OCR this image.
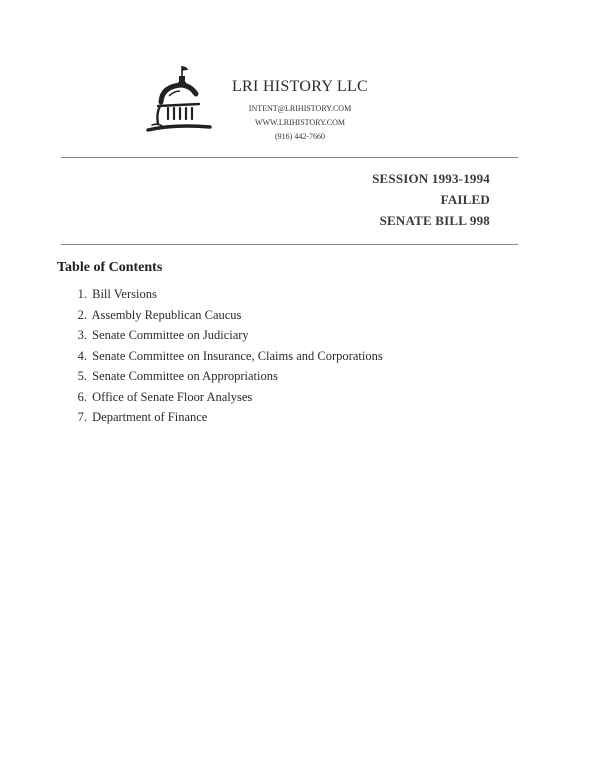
LRI HISTORY LLC
INTENT@LRIHISTORY.COM
WWW.LRIHISTORY.COM
(916) 442-7660
SESSION 1993-1994
FAILED
SENATE BILL 998
Table of Contents
1. Bill Versions
2. Assembly Republican Caucus
3. Senate Committee on Judiciary
4. Senate Committee on Insurance, Claims and Corporations
5. Senate Committee on Appropriations
6. Office of Senate Floor Analyses
7. Department of Finance
